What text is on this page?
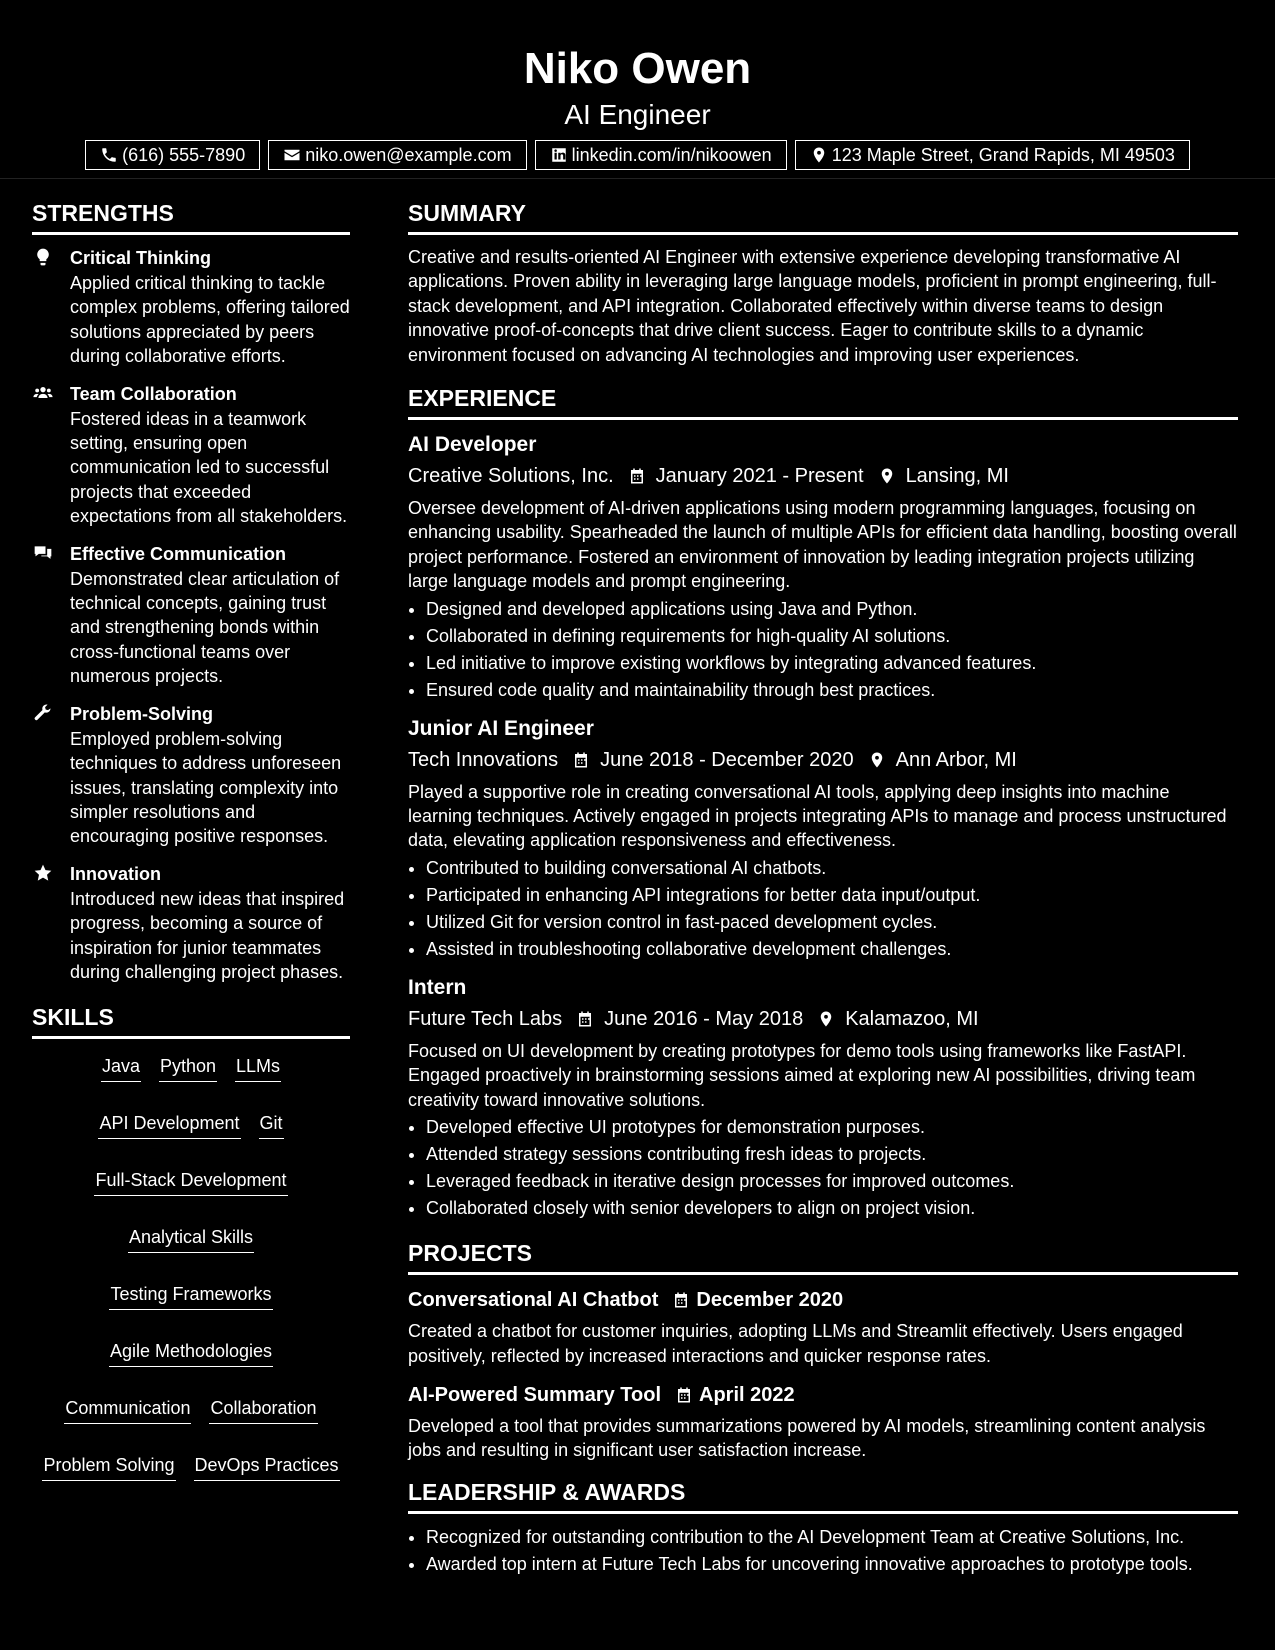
Niko Owen
AI Engineer
(616) 555-7890	niko.owen@example.com	linkedin.com/in/nikoowen	123 Maple Street, Grand Rapids, MI 49503
STRENGTHS
Critical Thinking
Applied critical thinking to tackle complex problems, offering tailored solutions appreciated by peers during collaborative efforts.
Team Collaboration
Fostered ideas in a teamwork setting, ensuring open communication led to successful projects that exceeded expectations from all stakeholders.
Effective Communication
Demonstrated clear articulation of technical concepts, gaining trust and strengthening bonds within cross-functional teams over numerous projects.
Problem-Solving
Employed problem-solving techniques to address unforeseen issues, translating complexity into simpler resolutions and encouraging positive responses.
Innovation
Introduced new ideas that inspired progress, becoming a source of inspiration for junior teammates during challenging project phases.
SKILLS
Java Python LLMs
API Development Git
Full-Stack Development
Analytical Skills
Testing Frameworks
Agile Methodologies
Communication Collaboration
Problem Solving DevOps Practices
SUMMARY
Creative and results-oriented AI Engineer with extensive experience developing transformative AI applications. Proven ability in leveraging large language models, proficient in prompt engineering, full-stack development, and API integration. Collaborated effectively within diverse teams to design innovative proof-of-concepts that drive client success. Eager to contribute skills to a dynamic environment focused on advancing AI technologies and improving user experiences.
EXPERIENCE
AI Developer
Creative Solutions, Inc. January 2021 - Present Lansing, MI
Oversee development of AI-driven applications using modern programming languages, focusing on enhancing usability. Spearheaded the launch of multiple APIs for efficient data handling, boosting overall project performance. Fostered an environment of innovation by leading integration projects utilizing large language models and prompt engineering.
• Designed and developed applications using Java and Python.
• Collaborated in defining requirements for high-quality AI solutions.
• Led initiative to improve existing workflows by integrating advanced features.
• Ensured code quality and maintainability through best practices.
Junior AI Engineer
Tech Innovations June 2018 - December 2020 Ann Arbor, MI
Played a supportive role in creating conversational AI tools, applying deep insights into machine learning techniques. Actively engaged in projects integrating APIs to manage and process unstructured data, elevating application responsiveness and effectiveness.
• Contributed to building conversational AI chatbots.
• Participated in enhancing API integrations for better data input/output.
• Utilized Git for version control in fast-paced development cycles.
• Assisted in troubleshooting collaborative development challenges.
Intern
Future Tech Labs June 2016 - May 2018 Kalamazoo, MI
Focused on UI development by creating prototypes for demo tools using frameworks like FastAPI. Engaged proactively in brainstorming sessions aimed at exploring new AI possibilities, driving team creativity toward innovative solutions.
• Developed effective UI prototypes for demonstration purposes.
• Attended strategy sessions contributing fresh ideas to projects.
• Leveraged feedback in iterative design processes for improved outcomes.
• Collaborated closely with senior developers to align on project vision.
PROJECTS
Conversational AI Chatbot December 2020
Created a chatbot for customer inquiries, adopting LLMs and Streamlit effectively. Users engaged positively, reflected by increased interactions and quicker response rates.
AI-Powered Summary Tool April 2022
Developed a tool that provides summarizations powered by AI models, streamlining content analysis jobs and resulting in significant user satisfaction increase.
LEADERSHIP & AWARDS
• Recognized for outstanding contribution to the AI Development Team at Creative Solutions, Inc.
• Awarded top intern at Future Tech Labs for uncovering innovative approaches to prototype tools.
